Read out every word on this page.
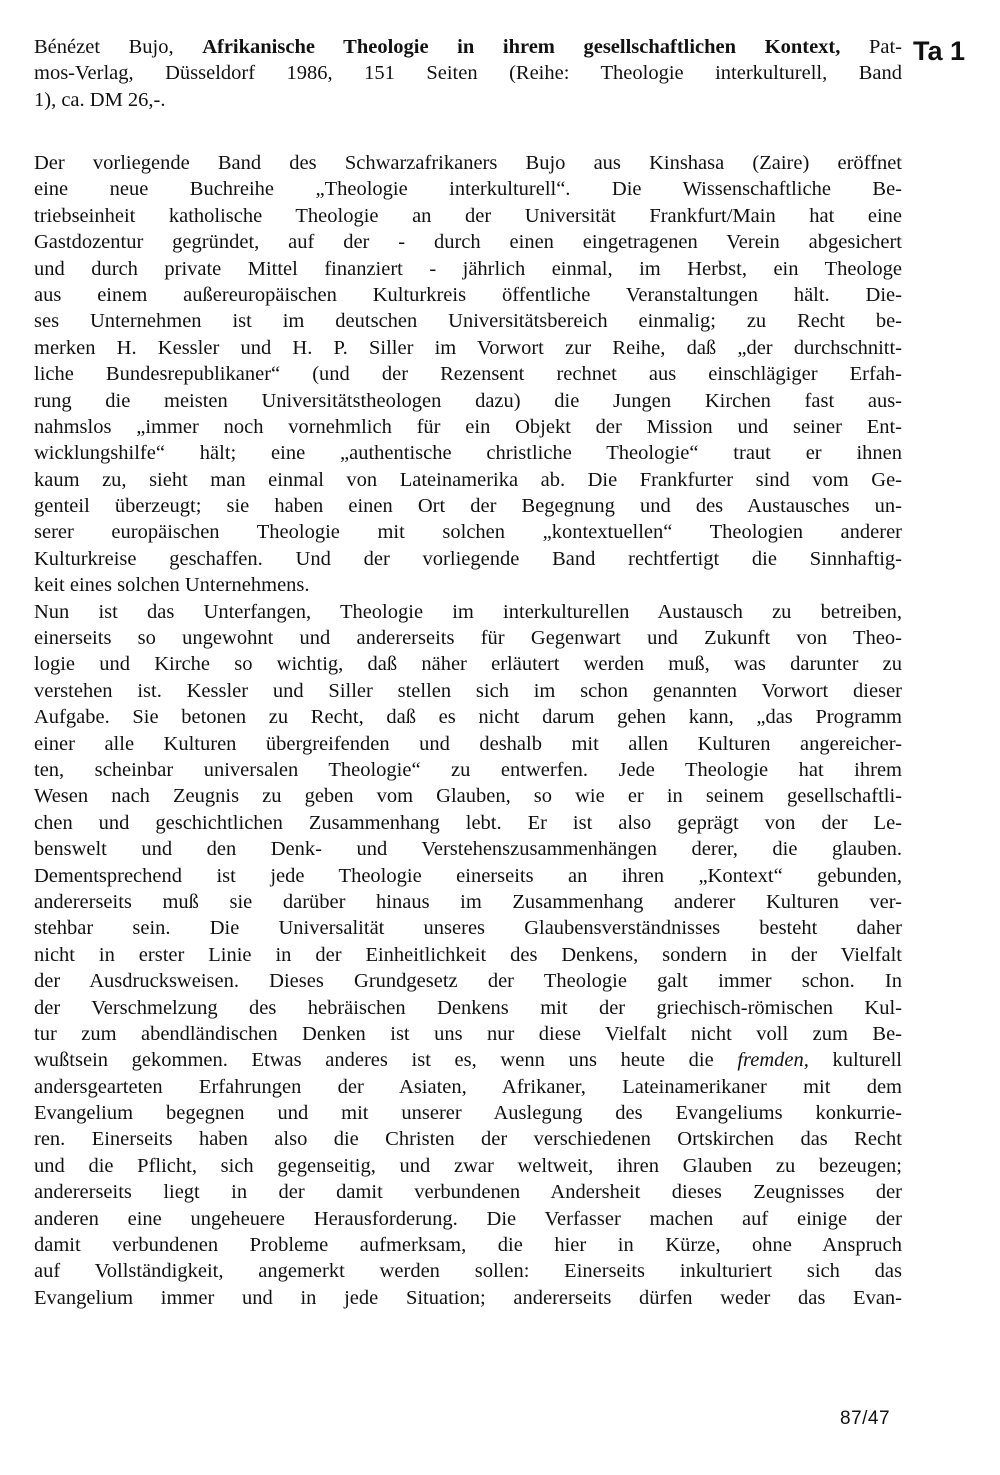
Ta 1
Bénézet Bujo, Afrikanische Theologie in ihrem gesellschaftlichen Kontext, Pat-
mos-Verlag, Düsseldorf 1986, 151 Seiten (Reihe: Theologie interkulturell, Band
1), ca. DM 26,-.
Der vorliegende Band des Schwarzafrikaners Bujo aus Kinshasa (Zaire) eröffnet
eine neue Buchreihe „Theologie interkulturell“. Die Wissenschaftliche Be-
triebseinheit katholische Theologie an der Universität Frankfurt/Main hat eine
Gastdozentur gegründet, auf der - durch einen eingetragenen Verein abgesichert
und durch private Mittel finanziert - jährlich einmal, im Herbst, ein Theologe
aus einem außereuropäischen Kulturkreis öffentliche Veranstaltungen hält. Die-
ses Unternehmen ist im deutschen Universitätsbereich einmalig; zu Recht be-
merken H. Kessler und H. P. Siller im Vorwort zur Reihe, daß „der durchschnitt-
liche Bundesrepublikaner“ (und der Rezensent rechnet aus einschlägiger Erfah-
rung die meisten Universitätstheologen dazu) die Jungen Kirchen fast aus-
nahmslos „immer noch vornehmlich für ein Objekt der Mission und seiner Ent-
wicklungshilfe“ hält; eine „authentische christliche Theologie“ traut er ihnen
kaum zu, sieht man einmal von Lateinamerika ab. Die Frankfurter sind vom Ge-
genteil überzeugt; sie haben einen Ort der Begegnung und des Austausches un-
serer europäischen Theologie mit solchen „kontextuellen“ Theologien anderer
Kulturkreise geschaffen. Und der vorliegende Band rechtfertigt die Sinnhaftig-
keit eines solchen Unternehmens.
Nun ist das Unterfangen, Theologie im interkulturellen Austausch zu betreiben,
einerseits so ungewohnt und andererseits für Gegenwart und Zukunft von Theo-
logie und Kirche so wichtig, daß näher erläutert werden muß, was darunter zu
verstehen ist. Kessler und Siller stellen sich im schon genannten Vorwort dieser
Aufgabe. Sie betonen zu Recht, daß es nicht darum gehen kann, „das Programm
einer alle Kulturen übergreifenden und deshalb mit allen Kulturen angereicher-
ten, scheinbar universalen Theologie“ zu entwerfen. Jede Theologie hat ihrem
Wesen nach Zeugnis zu geben vom Glauben, so wie er in seinem gesellschaftli-
chen und geschichtlichen Zusammenhang lebt. Er ist also geprägt von der Le-
benswelt und den Denk- und Verstehenszusammenhängen derer, die glauben.
Dementsprechend ist jede Theologie einerseits an ihren „Kontext“ gebunden,
andererseits muß sie darüber hinaus im Zusammenhang anderer Kulturen ver-
stehbar sein. Die Universalität unseres Glaubensverständnisses besteht daher
nicht in erster Linie in der Einheitlichkeit des Denkens, sondern in der Vielfalt
der Ausdrucksweisen. Dieses Grundgesetz der Theologie galt immer schon. In
der Verschmelzung des hebräischen Denkens mit der griechisch-römischen Kul-
tur zum abendländischen Denken ist uns nur diese Vielfalt nicht voll zum Be-
wußtsein gekommen. Etwas anderes ist es, wenn uns heute die fremden, kulturell
andersgearteten Erfahrungen der Asiaten, Afrikaner, Lateinamerikaner mit dem
Evangelium begegnen und mit unserer Auslegung des Evangeliums konkurrie-
ren. Einerseits haben also die Christen der verschiedenen Ortskirchen das Recht
und die Pflicht, sich gegenseitig, und zwar weltweit, ihren Glauben zu bezeugen;
andererseits liegt in der damit verbundenen Andersheit dieses Zeugnisses der
anderen eine ungeheuere Herausforderung. Die Verfasser machen auf einige der
damit verbundenen Probleme aufmerksam, die hier in Kürze, ohne Anspruch
auf Vollständigkeit, angemerkt werden sollen: Einerseits inkulturiert sich das
Evangelium immer und in jede Situation; andererseits dürfen weder das Evan-
87/47
